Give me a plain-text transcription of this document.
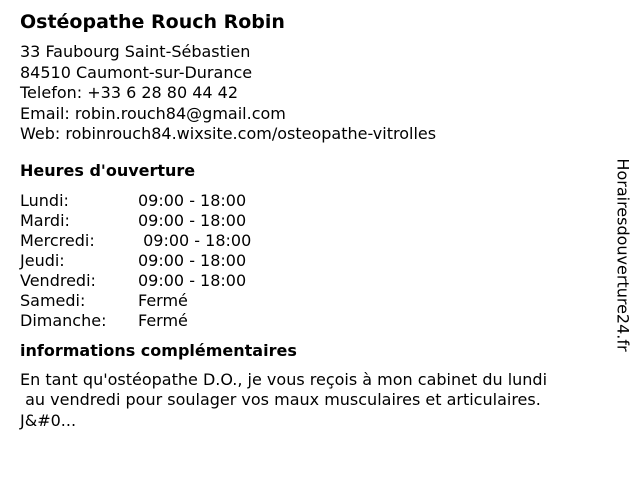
Ostéopathe Rouch Robin
33 Faubourg Saint-Sébastien
84510 Caumont-sur-Durance
Telefon: +33 6 28 80 44 42
Email: robin.rouch84@gmail.com
Web: robinrouch84.wixsite.com/osteopathe-vitrolles
Heures d'ouverture
Lundi:	09:00 - 18:00
Mardi:	09:00 - 18:00
Mercredi:	09:00 - 18:00
Jeudi:	09:00 - 18:00
Vendredi:	09:00 - 18:00
Samedi:	Fermé
Dimanche:	Fermé
informations complémentaires
En tant qu'ostéopathe D.O., je vous reçois à mon cabinet du lundi
au vendredi pour soulager vos maux musculaires et articulaires.
J&#0...
Horairesdouverture24.fr
